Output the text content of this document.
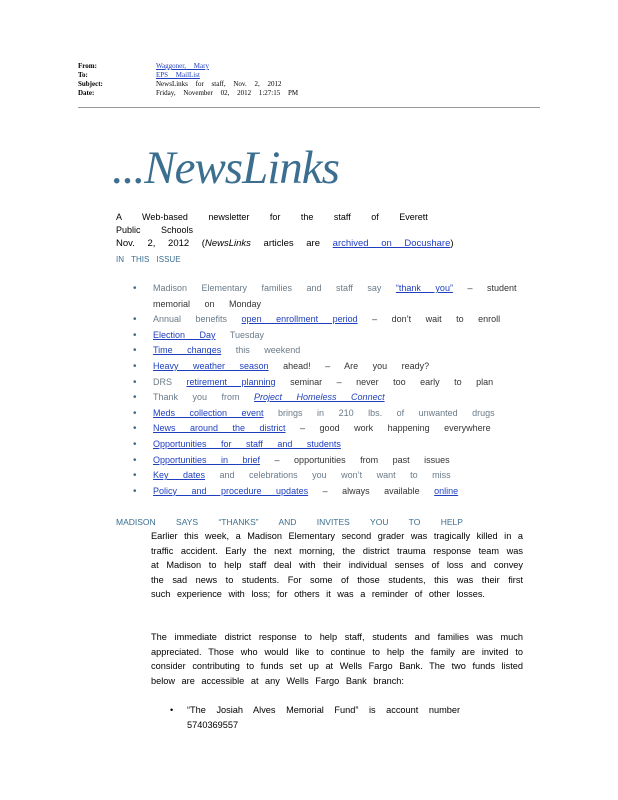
From:	Waggoner, Mary
To:	EPS MailList
Subject:	NewsLinks for staff, Nov. 2, 2012
Date:	Friday, November 02, 2012 1:27:15 PM
...NewsLinks
A Web-based newsletter for the staff of Everett Public Schools
Nov. 2, 2012 (NewsLinks articles are archived on Docushare)
IN THIS ISSUE
• Madison Elementary families and staff say “thank you” – student memorial on Monday
• Annual benefits open enrollment period – don’t wait to enroll
• Election Day Tuesday
• Time changes this weekend
• Heavy weather season ahead! – Are you ready?
• DRS retirement planning seminar – never too early to plan
• Thank you from Project Homeless Connect
• Meds collection event brings in 210 lbs. of unwanted drugs
• News around the district – good work happening everywhere
• Opportunities for staff and students
• Opportunities in brief – opportunities from past issues
• Key dates and celebrations you won’t want to miss
• Policy and procedure updates – always available online
MADISON SAYS “THANKS” AND INVITES YOU TO HELP
Earlier this week, a Madison Elementary second grader was tragically killed in a traffic accident. Early the next morning, the district trauma response team was at Madison to help staff deal with their individual senses of loss and convey the sad news to students. For some of those students, this was their first such experience with loss; for others it was a reminder of other losses.
The immediate district response to help staff, students and families was much appreciated. Those who would like to continue to help the family are invited to consider contributing to funds set up at Wells Fargo Bank. The two funds listed below are accessible at any Wells Fargo Bank branch:
• “The Josiah Alves Memorial Fund” is account number 5740369557
